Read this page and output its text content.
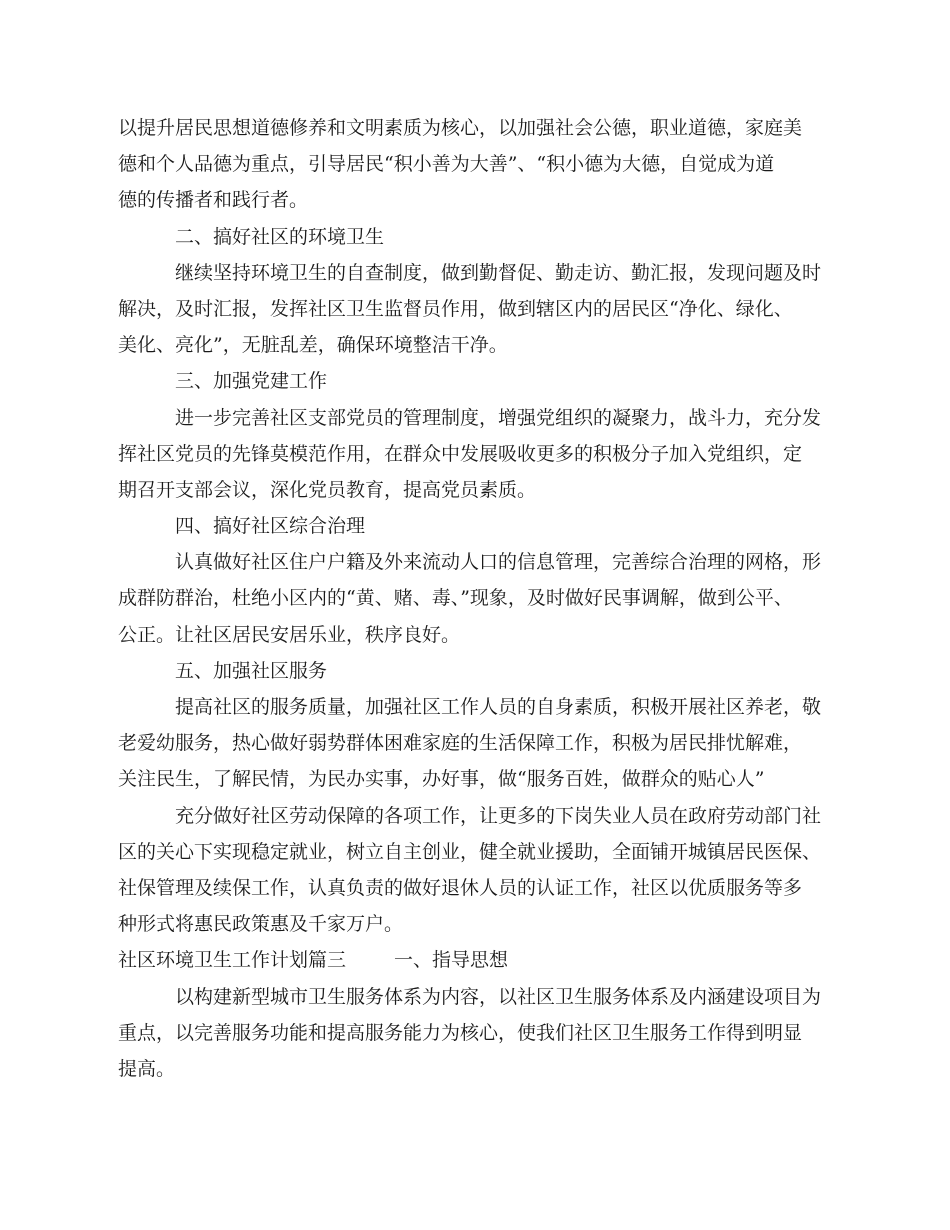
以提升居民思想道德修养和文明素质为核心，以加强社会公德，职业道德，家庭美
德和个人品德为重点，引导居民“积小善为大善”、“积小德为大德，自觉成为道
德的传播者和践行者。
二、搞好社区的环境卫生
继续坚持环境卫生的自查制度，做到勤督促、勤走访、勤汇报，发现问题及时
解决，及时汇报，发挥社区卫生监督员作用，做到辖区内的居民区“净化、绿化、
美化、亮化”，无脏乱差，确保环境整洁干净。
三、加强党建工作
进一步完善社区支部党员的管理制度，增强党组织的凝聚力，战斗力，充分发
挥社区党员的先锋莫模范作用，在群众中发展吸收更多的积极分子加入党组织，定
期召开支部会议，深化党员教育，提高党员素质。
四、搞好社区综合治理
认真做好社区住户户籍及外来流动人口的信息管理，完善综合治理的网格，形
成群防群治，杜绝小区内的“黄、赌、毒、”现象，及时做好民事调解，做到公平、
公正。让社区居民安居乐业，秩序良好。
五、加强社区服务
提高社区的服务质量，加强社区工作人员的自身素质，积极开展社区养老，敬
老爱幼服务，热心做好弱势群体困难家庭的生活保障工作，积极为居民排忧解难，
关注民生，了解民情，为民办实事，办好事，做“服务百姓，做群众的贴心人”
充分做好社区劳动保障的各项工作，让更多的下岗失业人员在政府劳动部门社
区的关心下实现稳定就业，树立自主创业，健全就业援助，全面铺开城镇居民医保、
社保管理及续保工作，认真负责的做好退休人员的认证工作，社区以优质服务等多
种形式将惠民政策惠及千家万户。
社区环境卫生工作计划篇三	一、指导思想
以构建新型城市卫生服务体系为内容，以社区卫生服务体系及内涵建设项目为
重点，以完善服务功能和提高服务能力为核心，使我们社区卫生服务工作得到明显
提高。
